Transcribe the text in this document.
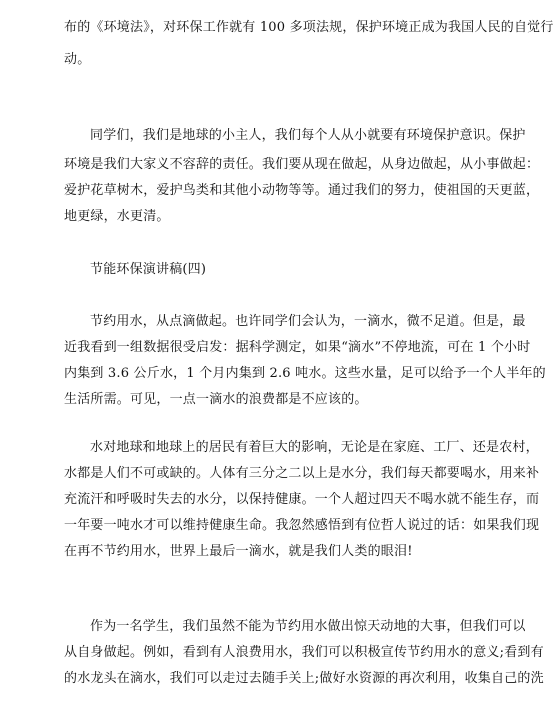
布的《环境法》，对环保工作就有 100 多项法规，保护环境正成为我国人民的自觉行
动。
同学们，我们是地球的小主人，我们每个人从小就要有环境保护意识。保护
环境是我们大家义不容辞的责任。我们要从现在做起，从身边做起，从小事做起：
爱护花草树木，爱护鸟类和其他小动物等等。通过我们的努力，使祖国的天更蓝，
地更绿，水更清。
节能环保演讲稿(四)
节约用水，从点滴做起。也许同学们会认为，一滴水，微不足道。但是，最
近我看到一组数据很受启发：据科学测定，如果“滴水”不停地流，可在 1 个小时
内集到 3.6 公斤水，1 个月内集到 2.6 吨水。这些水量，足可以给予一个人半年的
生活所需。可见，一点一滴水的浪费都是不应该的。
水对地球和地球上的居民有着巨大的影响，无论是在家庭、工厂、还是农村，
水都是人们不可或缺的。人体有三分之二以上是水分，我们每天都要喝水，用来补
充流汗和呼吸时失去的水分，以保持健康。一个人超过四天不喝水就不能生存，而
一年要一吨水才可以维持健康生命。我忽然感悟到有位哲人说过的话：如果我们现
在再不节约用水，世界上最后一滴水，就是我们人类的眼泪!
作为一名学生，我们虽然不能为节约用水做出惊天动地的大事，但我们可以
从自身做起。例如，看到有人浪费用水，我们可以积极宣传节约用水的意义;看到有
的水龙头在滴水，我们可以走过去随手关上;做好水资源的再次利用，收集自己的洗
